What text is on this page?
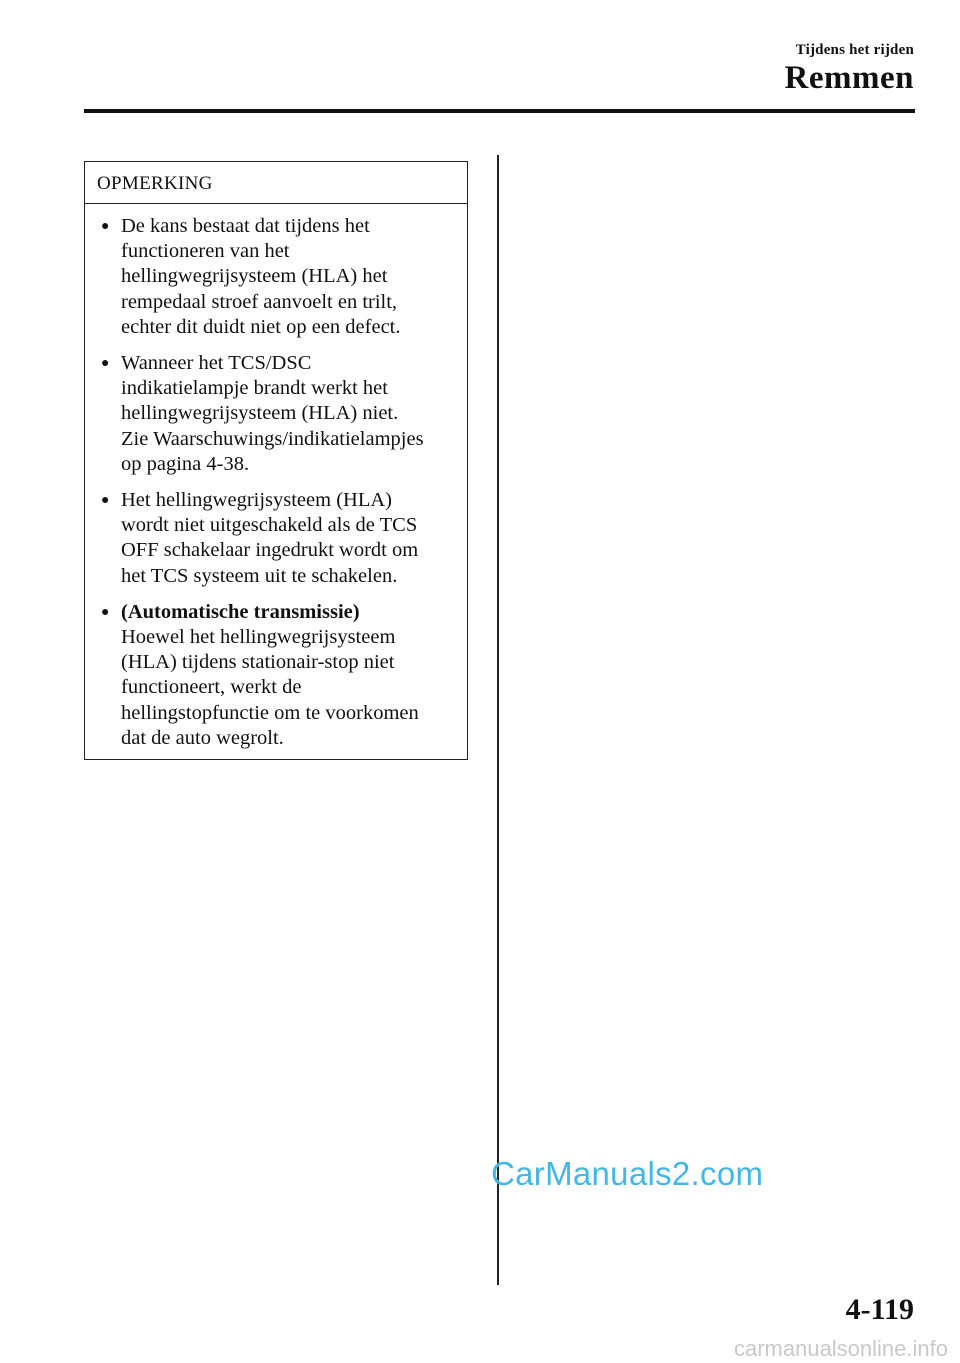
Tijdens het rijden
Remmen
OPMERKING
● De kans bestaat dat tijdens het
functioneren van het
hellingwegrijsysteem (HLA) het
rempedaal stroef aanvoelt en trilt,
echter dit duidt niet op een defect.
● Wanneer het TCS/DSC
indikatielampje brandt werkt het
hellingwegrijsysteem (HLA) niet.
Zie Waarschuwings/indikatielampjes
op pagina 4-38.
● Het hellingwegrijsysteem (HLA)
wordt niet uitgeschakeld als de TCS
OFF schakelaar ingedrukt wordt om
het TCS systeem uit te schakelen.
● (Automatische transmissie)
Hoewel het hellingwegrijsysteem
(HLA) tijdens stationair-stop niet
functioneert, werkt de
hellingstopfunctie om te voorkomen
dat de auto wegrolt.
CarManuals2.com
4-119
carmanualsonline.info
